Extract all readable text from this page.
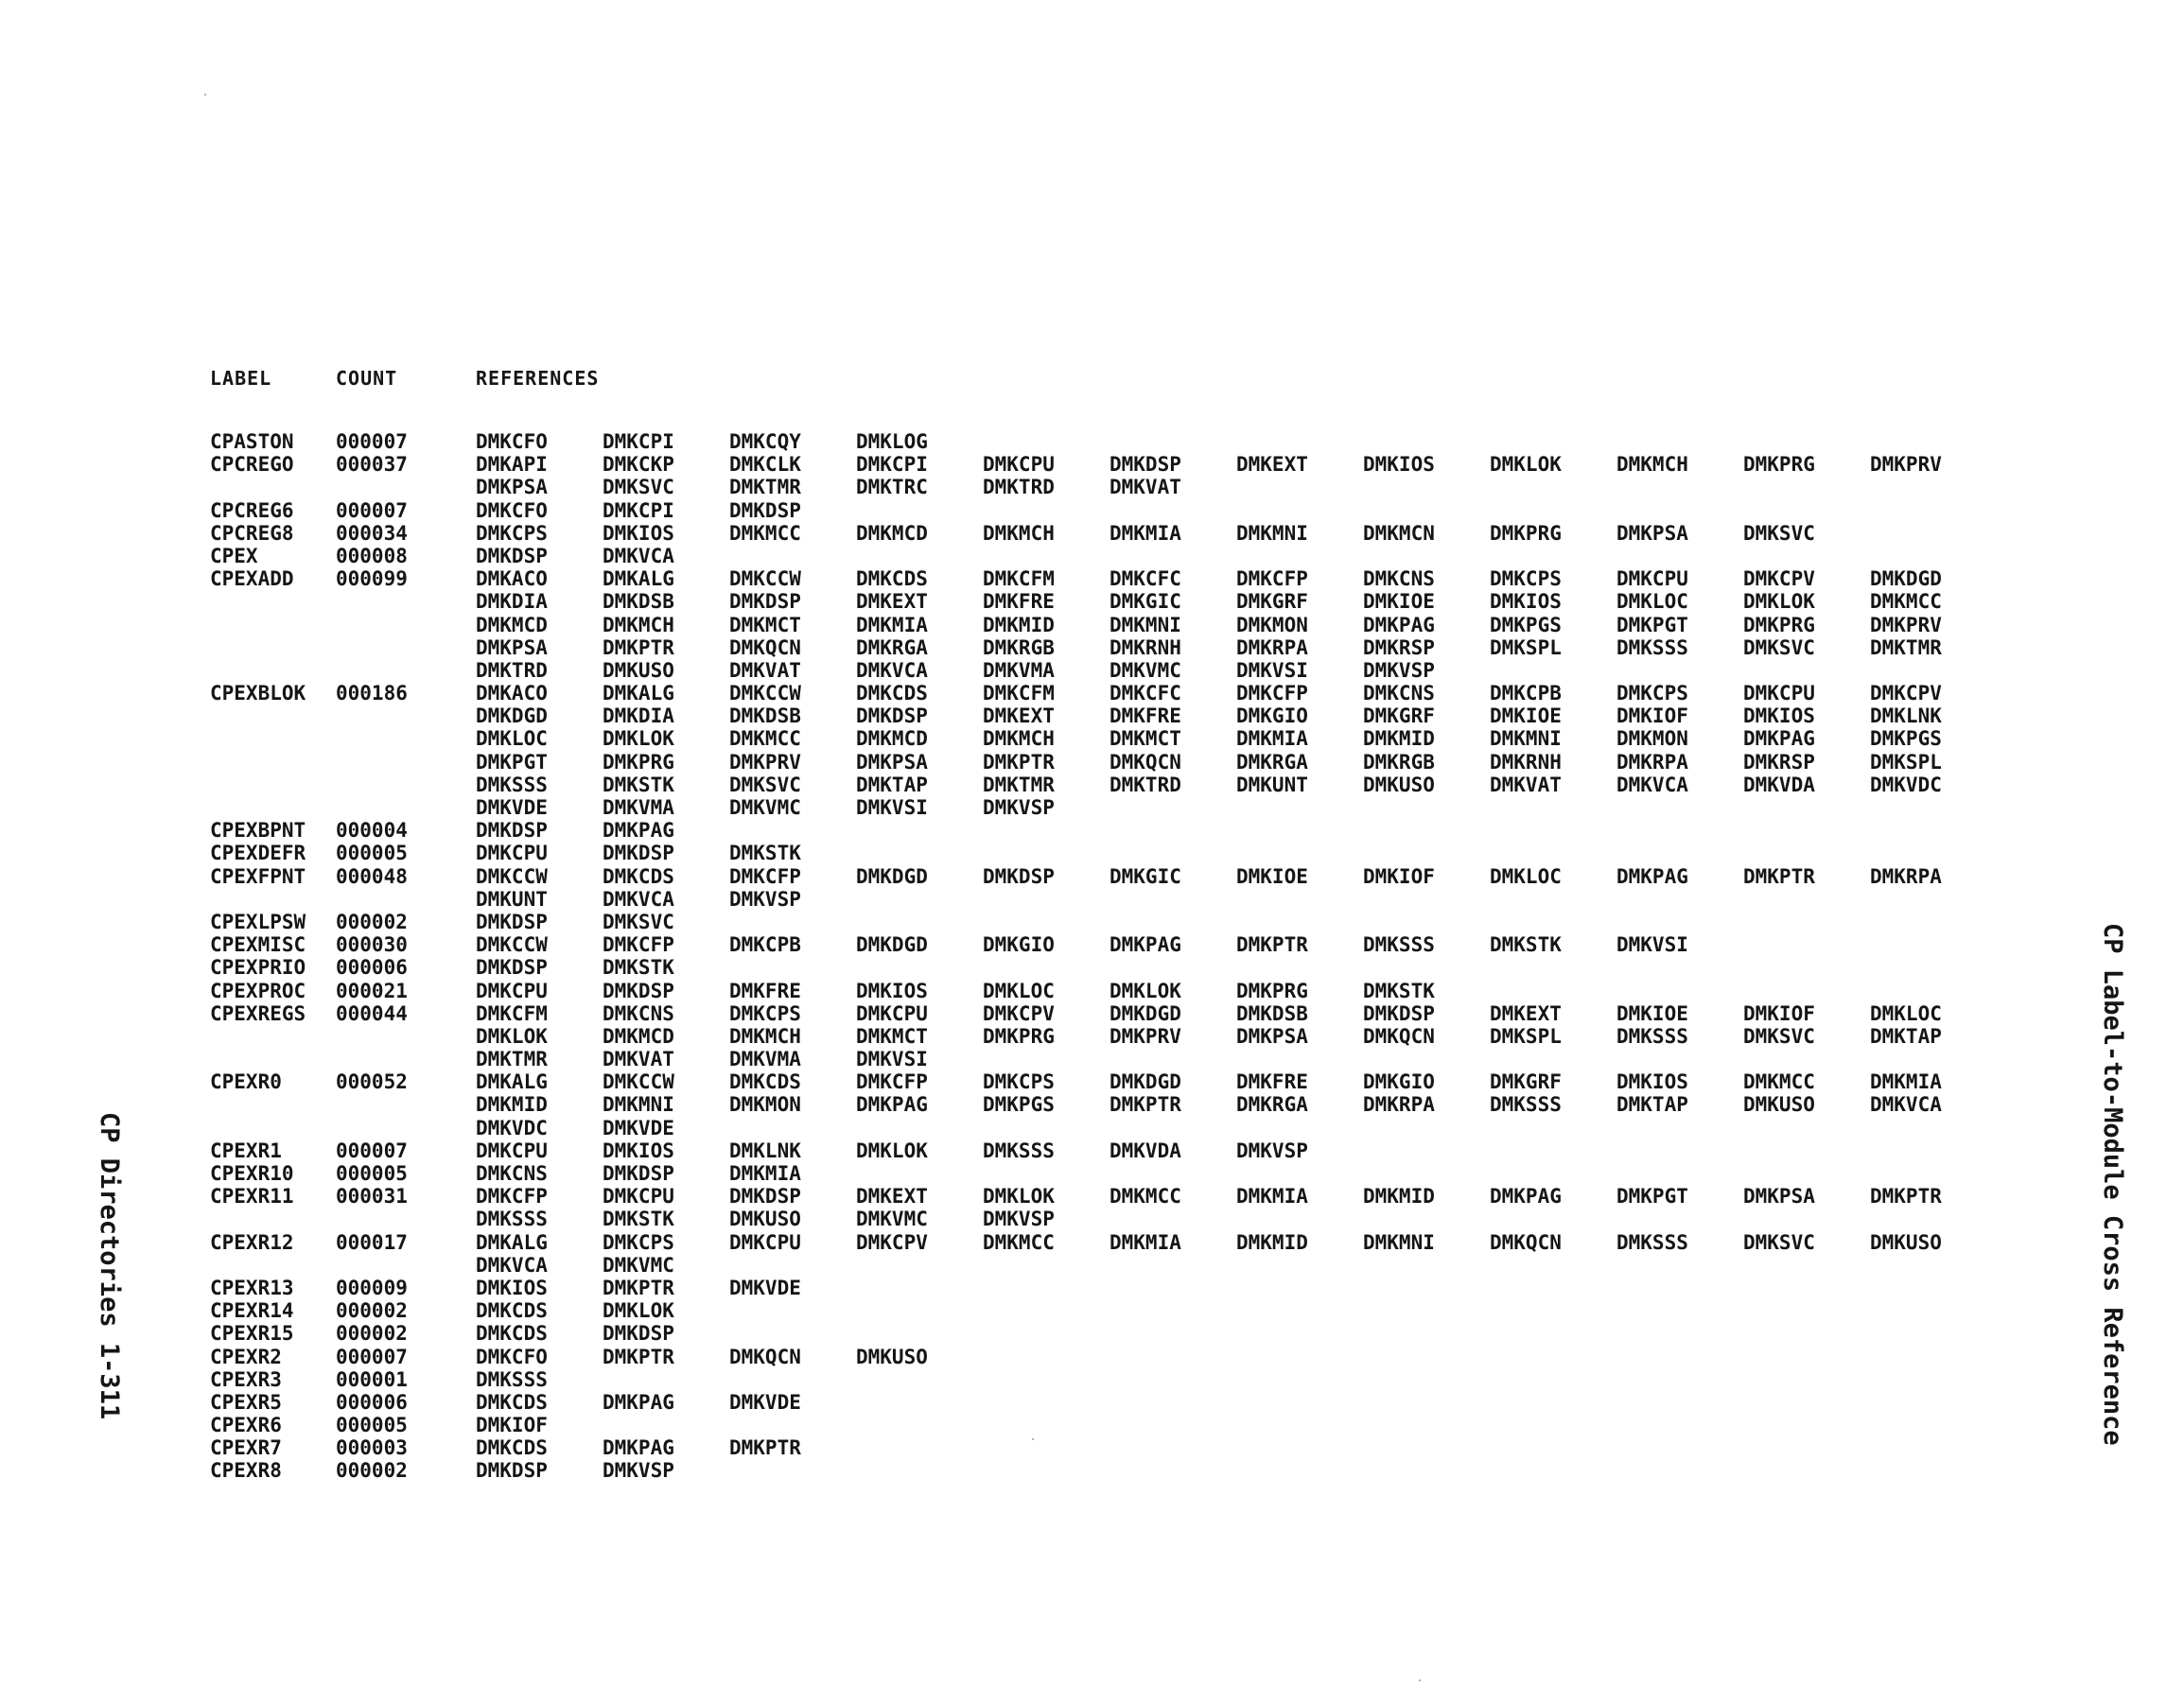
LABEL	COUNT	REFERENCES
CPASTON 000007	DMKCFO	DMKCPI	DMKCQY	DMKLOG
CPCREGO 000037	DMKAPI	DMKCKP	DMKCLK	DMKCPI	DMKCPU	DMKDSP	DMKEXT	DMKIOS	DMKLOK	DMKMCH	DMKPRG	DMKPRV
DMKPSA	DMKSVC	DMKTMR	DMKTRC	DMKTRD	DMKVAT
CPCREG6 000007	DMKCFO	DMKCPI	DMKDSP
CPCREG8 000034	DMKCPS	DMKIOS	DMKMCC	DMKMCD	DMKMCH	DMKMIA	DMKMNI	DMKMCN	DMKPRG	DMKPSA	DMKSVC
CPEX	000008	DMKDSP	DMKVCA
CPEXADD 000099	DMKACO	DMKALG	DMKCCW	DMKCDS	DMKCFM	DMKCFC	DMKCFP	DMKCNS	DMKCPS	DMKCPU	DMKCPV	DMKDGD
DMKDIA	DMKDSB	DMKDSP	DMKEXT	DMKFRE	DMKGIC	DMKGRF	DMKIOE	DMKIOS	DMKLOC	DMKLOK	DMKMCC
DMKMCD	DMKMCH	DMKMCT	DMKMIA	DMKMID	DMKMNI	DMKMON	DMKPAG	DMKPGS	DMKPGT	DMKPRG	DMKPRV
DMKPSA	DMKPTR	DMKQCN	DMKRGA	DMKRGB	DMKRNH	DMKRPA	DMKRSP	DMKSPL	DMKSSS	DMKSVC	DMKTMR
DMKTRD	DMKUSO	DMKVAT	DMKVCA	DMKVMA	DMKVMC	DMKVSI	DMKVSP
CPEXBLOK 000186	DMKACO	DMKALG	DMKCCW	DMKCDS	DMKCFM	DMKCFC	DMKCFP	DMKCNS	DMKCPB	DMKCPS	DMKCPU	DMKCPV
DMKDGD	DMKDIA	DMKDSB	DMKDSP	DMKEXT	DMKFRE	DMKGIO	DMKGRF	DMKIOE	DMKIOF	DMKIOS	DMKLNK
DMKLOC	DMKLOK	DMKMCC	DMKMCD	DMKMCH	DMKMCT	DMKMIA	DMKMID	DMKMNI	DMKMON	DMKPAG	DMKPGS
DMKPGT	DMKPRG	DMKPRV	DMKPSA	DMKPTR	DMKQCN	DMKRGA	DMKRGB	DMKRNH	DMKRPA	DMKRSP	DMKSPL
DMKSSS	DMKSTK	DMKSVC	DMKTAP	DMKTMR	DMKTRD	DMKUNT	DMKUSO	DMKVAT	DMKVCA	DMKVDA	DMKVDC
DMKVDE	DMKVMA	DMKVMC	DMKVSI	DMKVSP
CPEXBPNT 000004	DMKDSP	DMKPAG
CPEXDEFR 000005	DMKCPU	DMKDSP	DMKSTK
CPEXFPNT 000048	DMKCCW	DMKCDS	DMKCFP	DMKDGD	DMKDSP	DMKGIC	DMKIOE	DMKIOF	DMKLOC	DMKPAG	DMKPTR	DMKRPA
DMKUNT	DMKVCA	DMKVSP
CPEXLPSW 000002	DMKDSP	DMKSVC
CPEXMISC 000030	DMKCCW	DMKCFP	DMKCPB	DMKDGD	DMKGIO	DMKPAG	DMKPTR	DMKSSS	DMKSTK	DMKVSI
CPEXPRIO 000006	DMKDSP	DMKSTK
CPEXPROC 000021	DMKCPU	DMKDSP	DMKFRE	DMKIOS	DMKLOC	DMKLOK	DMKPRG	DMKSTK
CPEXREGS 000044	DMKCFM	DMKCNS	DMKCPS	DMKCPU	DMKCPV	DMKDGD	DMKDSB	DMKDSP	DMKEXT	DMKIOE	DMKIOF	DMKLOC
DMKLOK	DMKMCD	DMKMCH	DMKMCT	DMKPRG	DMKPRV	DMKPSA	DMKQCN	DMKSPL	DMKSSS	DMKSVC	DMKTAP
DMKTMR	DMKVAT	DMKVMA	DMKVSI
CPEXR0	000052	DMKALG	DMKCCW	DMKCDS	DMKCFP	DMKCPS	DMKDGD	DMKFRE	DMKGIO	DMKGRF	DMKIOS	DMKMCC	DMKMIA
DMKMID	DMKMNI	DMKMON	DMKPAG	DMKPGS	DMKPTR	DMKRGA	DMKRPA	DMKSSS	DMKTAP	DMKUSO	DMKVCA
DMKVDC	DMKVDE
CPEXR1	000007	DMKCPU	DMKIOS	DMKLNK	DMKLOK	DMKSSS	DMKVDA	DMKVSP
CPEXR10 000005	DMKCNS	DMKDSP	DMKMIA
CPEXR11 000031	DMKCFP	DMKCPU	DMKDSP	DMKEXT	DMKLOK	DMKMCC	DMKMIA	DMKMID	DMKPAG	DMKPGT	DMKPSA	DMKPTR
DMKSSS	DMKSTK	DMKUSO	DMKVMC	DMKVSP
CPEXR12 000017	DMKALG	DMKCPS	DMKCPU	DMKCPV	DMKMCC	DMKMIA	DMKMID	DMKMNI	DMKQCN	DMKSSS	DMKSVC	DMKUSO
DMKVCA	DMKVMC
CPEXR13 000009	DMKIOS	DMKPTR	DMKVDE
CPEXR14 000002	DMKCDS	DMKLOK
CPEXR15 000002	DMKCDS	DMKDSP
CPEXR2	000007	DMKCFO	DMKPTR	DMKQCN	DMKUSO
CPEXR3	000001	DMKSSS
CPEXR5	000006	DMKCDS	DMKPAG	DMKVDE
CPEXR6	000005	DMKIOF
CPEXR7	000003	DMKCDS	DMKPAG	DMKPTR
CPEXR8	000002	DMKDSP	DMKVSP
CP Directories 1-311	CP Label-to-Module Cross Reference
